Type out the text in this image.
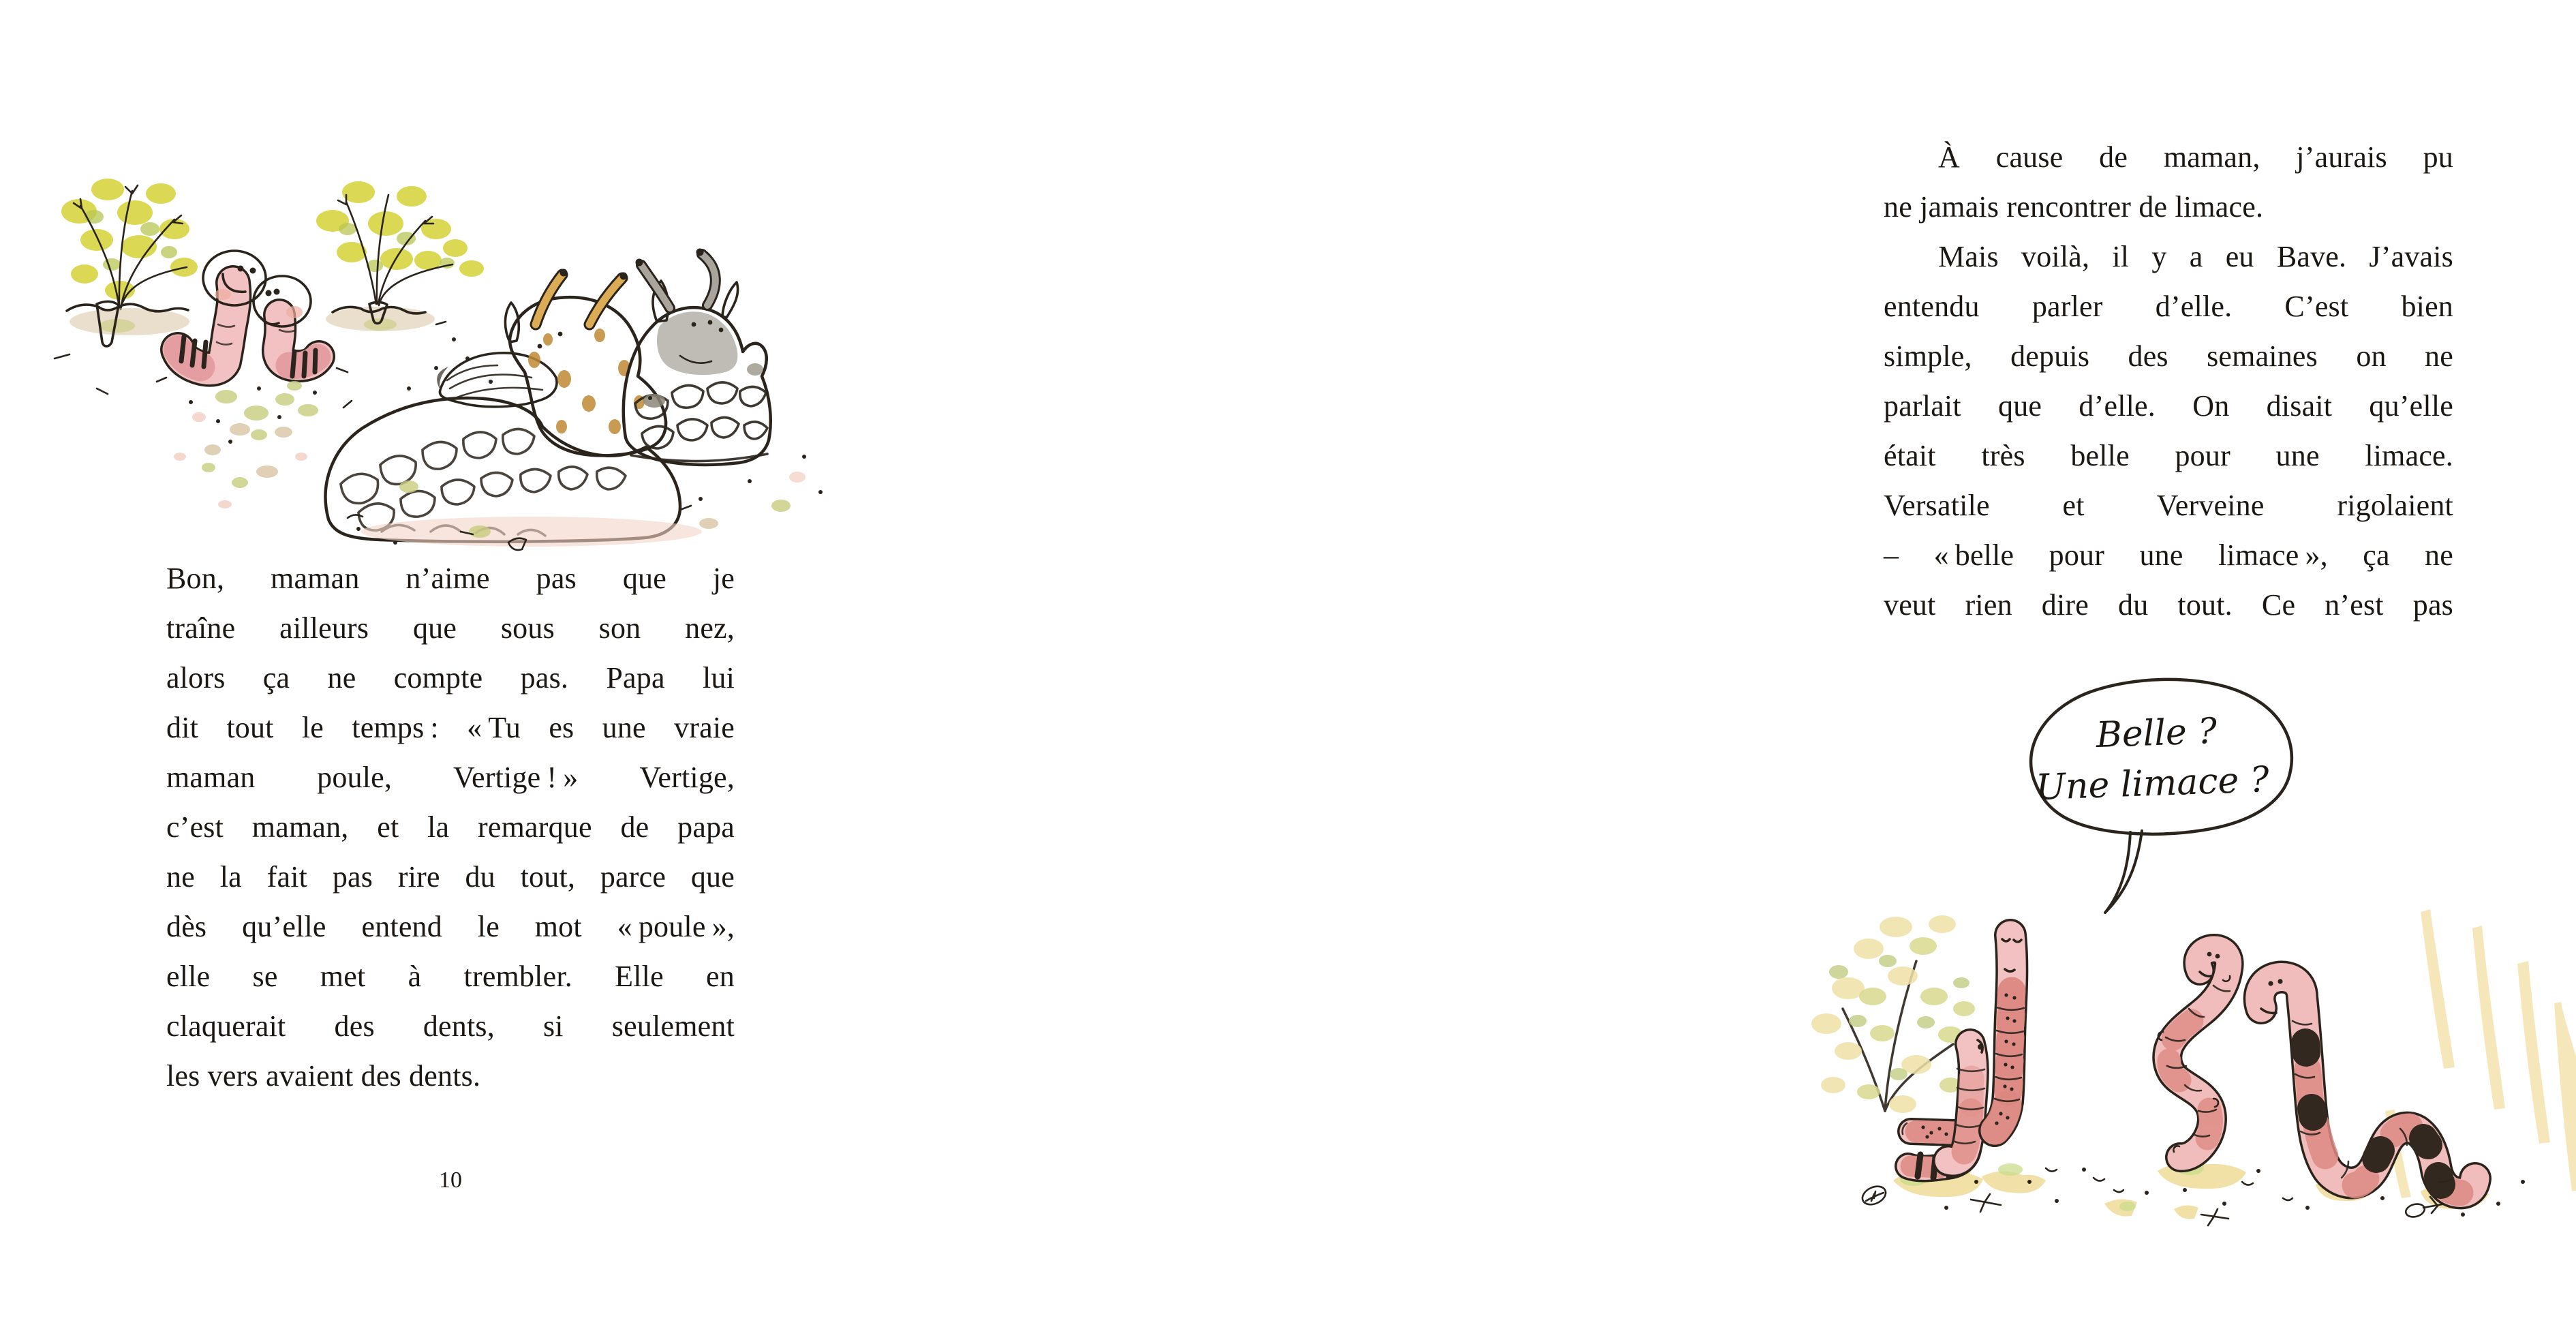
Bon, maman n’aime pas que je
traîne ailleurs que sous son nez,
alors ça ne compte pas. Papa lui
dit tout le temps : « Tu es une vraie
maman poule, Vertige ! » Vertige,
c’est maman, et la remarque de papa
ne la fait pas rire du tout, parce que
dès qu’elle entend le mot « poule »,
elle se met à trembler. Elle en
claquerait des dents, si seulement
les vers avaient des dents.
10
À cause de maman, j’aurais pu
ne jamais rencontrer de limace.
Mais voilà, il y a eu Bave. J’avais
entendu parler d’elle. C’est bien
simple, depuis des semaines on ne
parlait que d’elle. On disait qu’elle
était très belle pour une limace.
Versatile et Verveine rigolaient
– « belle pour une limace », ça ne
veut rien dire du tout. Ce n’est pas
Belle ?
Une limace ?
